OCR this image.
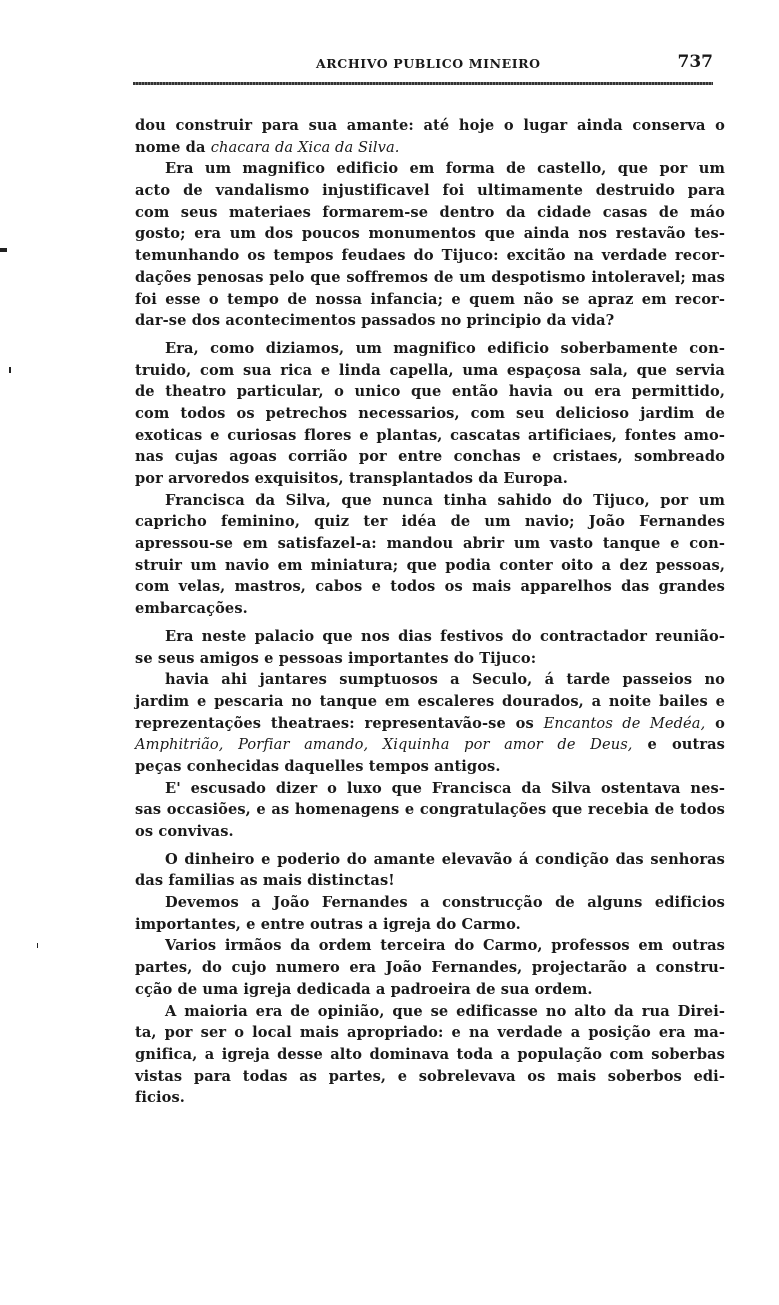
ARCHIVO PUBLICO MINEIRO	737
dou construir para sua amante: até hoje o lugar ainda conserva o
nome da chacara da Xica da Silva.
Era um magnifico edificio em forma de castello, que por um
acto de vandalismo injustificavel foi ultimamente destruido para
com seus materiaes formarem-se dentro da cidade casas de máo
gosto; era um dos poucos monumentos que ainda nos restavão tes-
temunhando os tempos feudaes do Tijuco: excitão na verdade recor-
dações penosas pelo que soffremos de um despotismo intoleravel; mas
foi esse o tempo de nossa infancia; e quem não se apraz em recor-
dar-se dos acontecimentos passados no principio da vida?
Era, como diziamos, um magnifico edificio soberbamente con-
truido, com sua rica e linda capella, uma espaçosa sala, que servia
de theatro particular, o unico que então havia ou era permittido,
com todos os petrechos necessarios, com seu delicioso jardim de
exoticas e curiosas flores e plantas, cascatas artificiaes, fontes amo-
nas cujas agoas corrião por entre conchas e cristaes, sombreado
por arvoredos exquisitos, transplantados da Europa.
Francisca da Silva, que nunca tinha sahido do Tijuco, por um
capricho feminino, quiz ter idéa de um navio; João Fernandes
apressou-se em satisfazel-a: mandou abrir um vasto tanque e con-
struir um navio em miniatura; que podia conter oito a dez pessoas,
com velas, mastros, cabos e todos os mais apparelhos das grandes
embarcações.
Era neste palacio que nos dias festivos do contractador reunião-
se seus amigos e pessoas importantes do Tijuco:
havia ahi jantares sumptuosos a Seculo, á tarde passeios no
jardim e pescaria no tanque em escaleres dourados, a noite bailes e
reprezentações theatraes: representavão-se os Encantos de Medéa, o
Amphitrião, Porfiar amando, Xiquinha por amor de Deus, e outras
peças conhecidas daquelles tempos antigos.
E' escusado dizer o luxo que Francisca da Silva ostentava nes-
sas occasiões, e as homenagens e congratulações que recebia de todos
os convivas.
O dinheiro e poderio do amante elevavão á condição das senhoras
das familias as mais distinctas!
Devemos a João Fernandes a construcção de alguns edificios
importantes, e entre outras a igreja do Carmo.
Varios irmãos da ordem terceira do Carmo, professos em outras
partes, do cujo numero era João Fernandes, projectarão a constru-
cção de uma igreja dedicada a padroeira de sua ordem.
A maioria era de opinião, que se edificasse no alto da rua Direi-
ta, por ser o local mais apropriado: e na verdade a posição era ma-
gnifica, a igreja desse alto dominava toda a população com soberbas
vistas para todas as partes, e sobrelevava os mais soberbos edi-
ficios.
